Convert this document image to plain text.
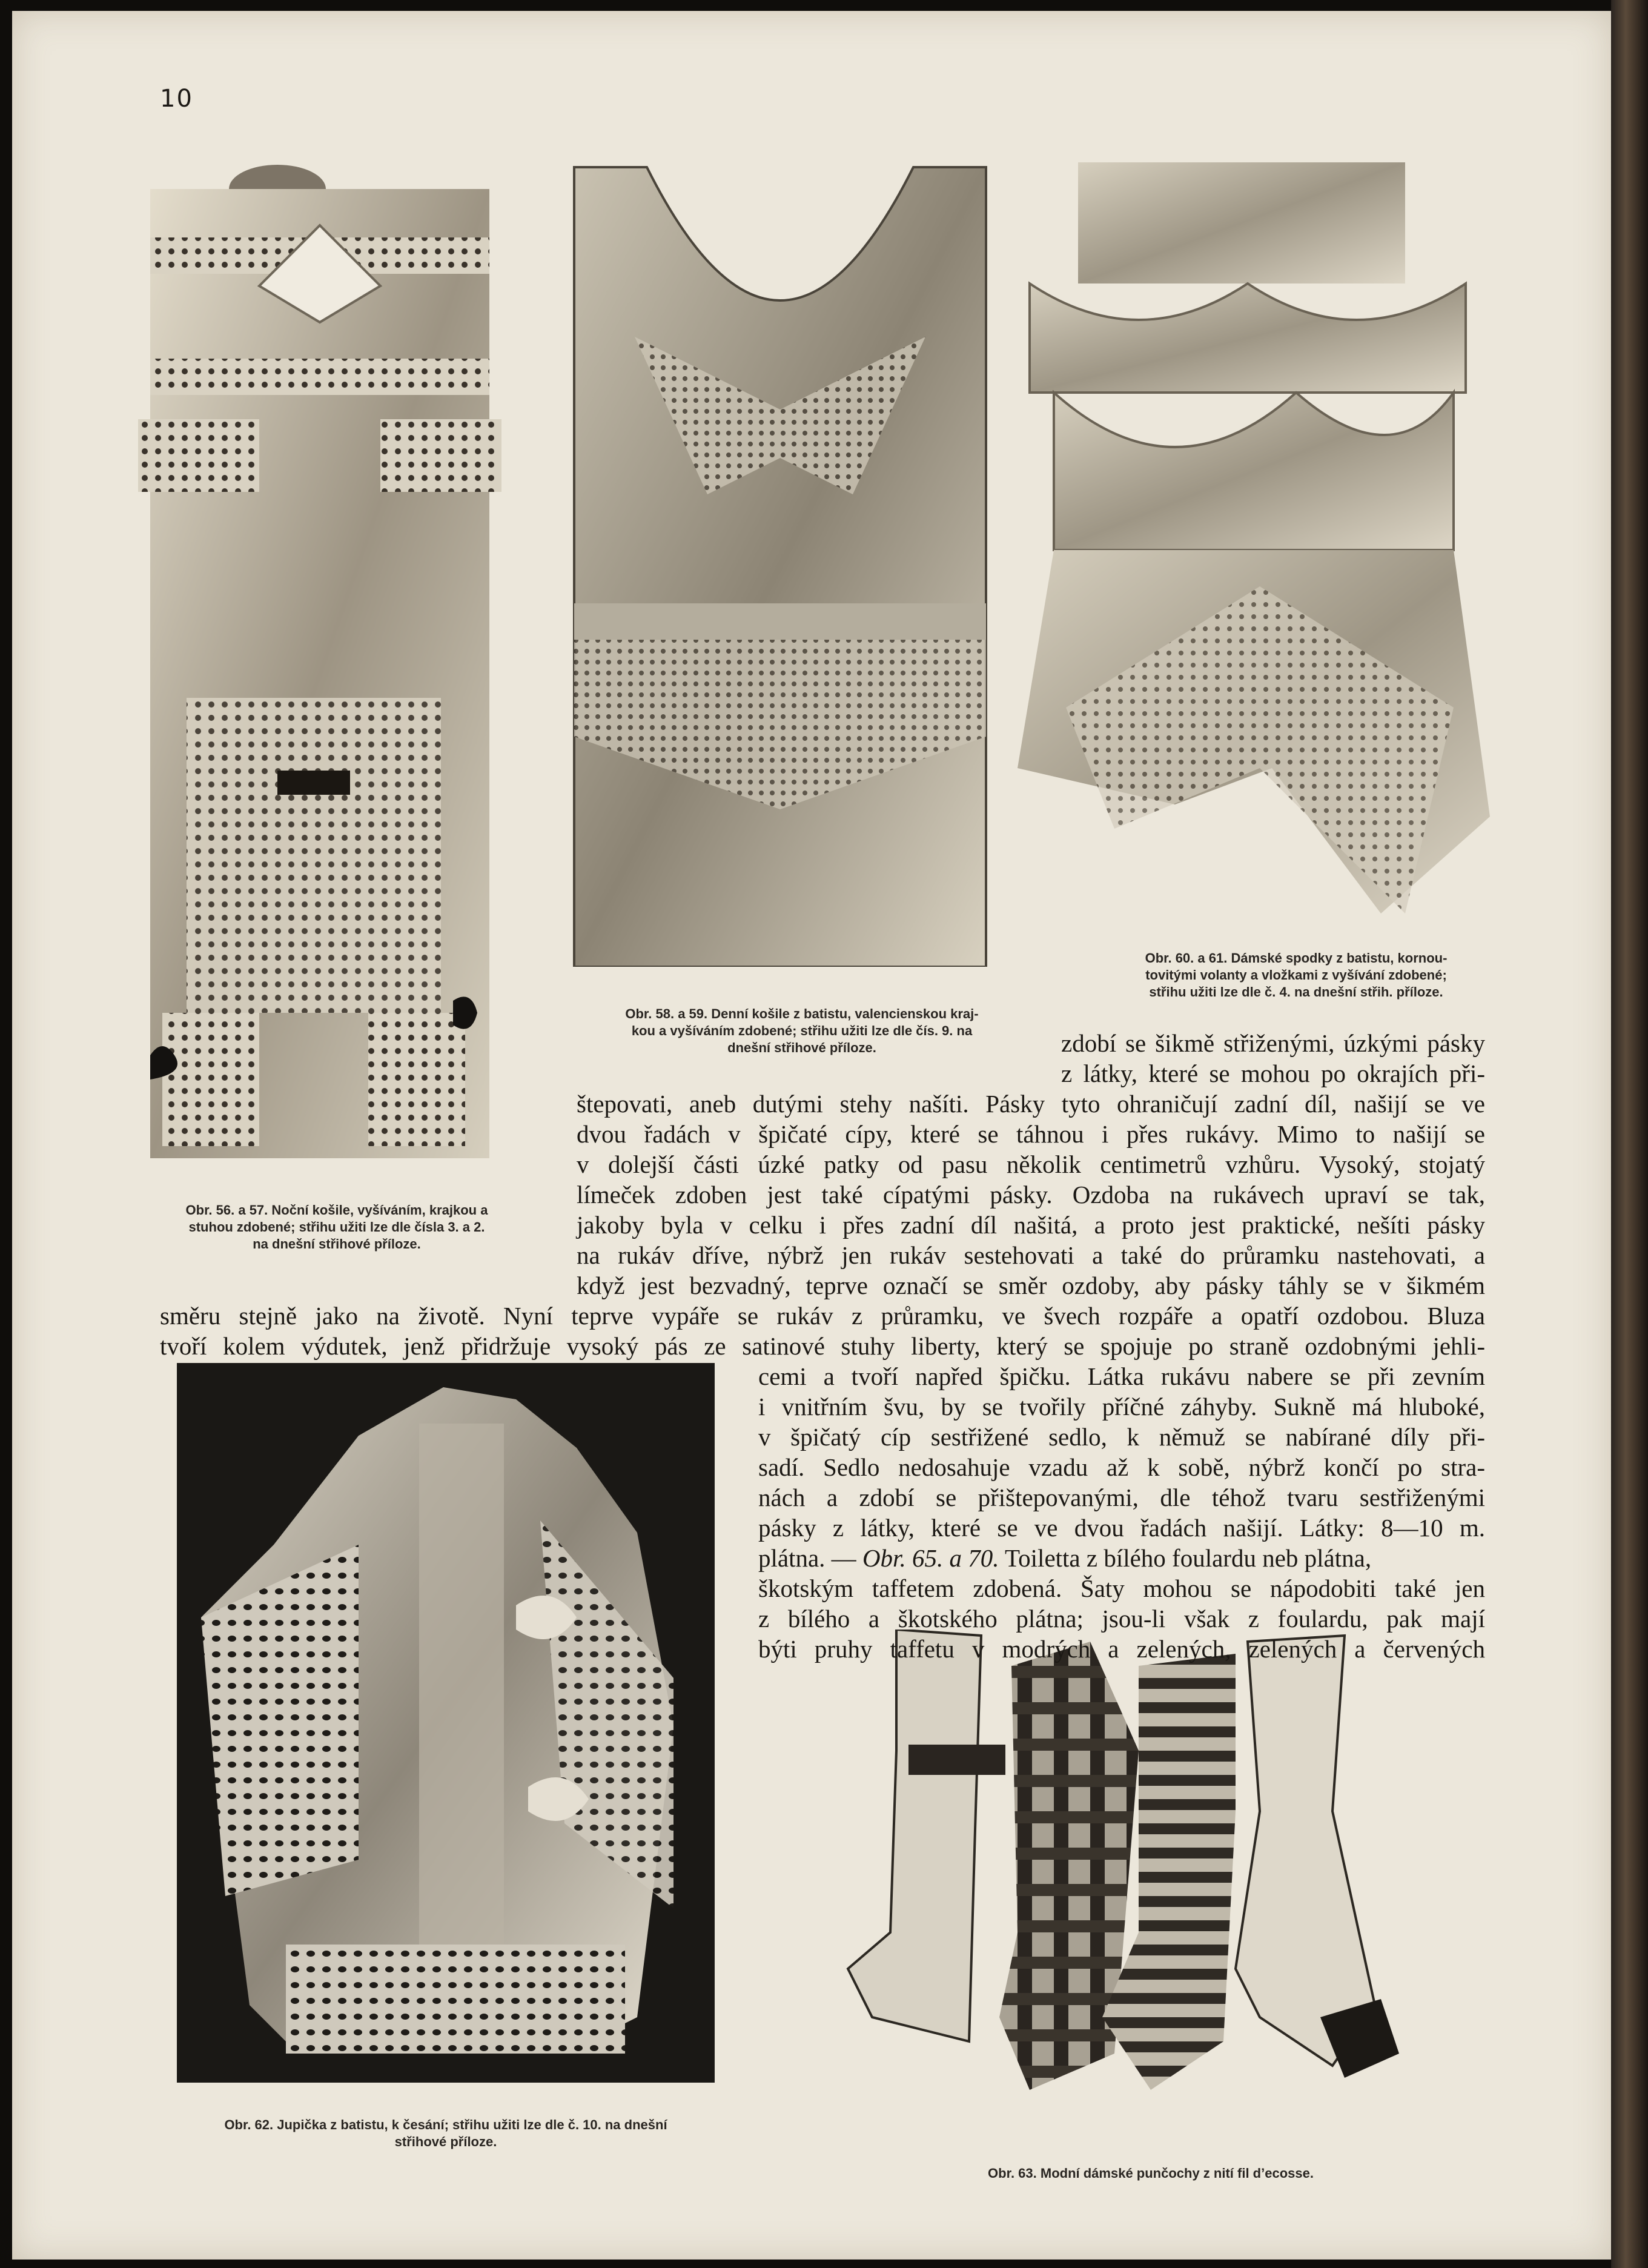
10
Obr. 56. a 57. Noční košile, vyšíváním, krajkou a
stuhou zdobené; střihu užiti lze dle čísla 3. a 2.
na dnešní střihové příloze.
Obr. 58. a 59. Denní košile z batistu, valencienskou kraj-
kou a vyšíváním zdobené; střihu užiti lze dle čís. 9. na
dnešní střihové příloze.
Obr. 60. a 61. Dámské spodky z batistu, kornou-
tovitými volanty a vložkami z vyšívání zdobené;
střihu užiti lze dle č. 4. na dnešní střih. příloze.
Obr. 62. Jupička z batistu, k česání; střihu užiti lze dle č. 10. na dnešní
střihové příloze.
Obr. 63. Modní dámské punčochy z nití fil d’ecosse.
zdobí se šikmě střiženými, úzkými pásky
z látky, které se mohou po okrajích při-
štepovati, aneb dutými stehy našíti. Pásky tyto ohraničují zadní díl, našijí se ve
dvou řadách v špičaté cípy, které se táhnou i přes rukávy. Mimo to našijí se
v dolejší části úzké patky od pasu několik centimetrů vzhůru. Vysoký, stojatý
límeček zdoben jest také cípatými pásky. Ozdoba na rukávech upraví se tak,
jakoby byla v celku i přes zadní díl našitá, a proto jest praktické, nešíti pásky
na rukáv dříve, nýbrž jen rukáv sestehovati a také do průramku nastehovati, a
když jest bezvadný, teprve označí se směr ozdoby, aby pásky táhly se v šikmém
směru stejně jako na životě. Nyní teprve vypáře se rukáv z průramku, ve švech rozpáře a opatří ozdobou. Bluza
tvoří kolem výdutek, jenž přidržuje vysoký pás ze satinové stuhy liberty, který se spojuje po straně ozdobnými jehli-
cemi a tvoří napřed špičku. Látka rukávu nabere se při zevním
i vnitřním švu, by se tvořily příčné záhyby. Sukně má hluboké,
v špičatý cíp sestřižené sedlo, k němuž se nabírané díly při-
sadí. Sedlo nedosahuje vzadu až k sobě, nýbrž končí po stra-
nách a zdobí se přištepovanými, dle téhož tvaru sestřiženými
pásky z látky, které se ve dvou řadách našijí. Látky: 8—10 m.
plátna. — Obr. 65. a 70. Toiletta z bílého foulardu neb plátna,
škotským taffetem zdobená. Šaty mohou se nápodobiti také jen
z bílého a škotského plátna; jsou-li však z foulardu, pak mají
býti pruhy taffetu v modrých a zelených, zelených a červených
